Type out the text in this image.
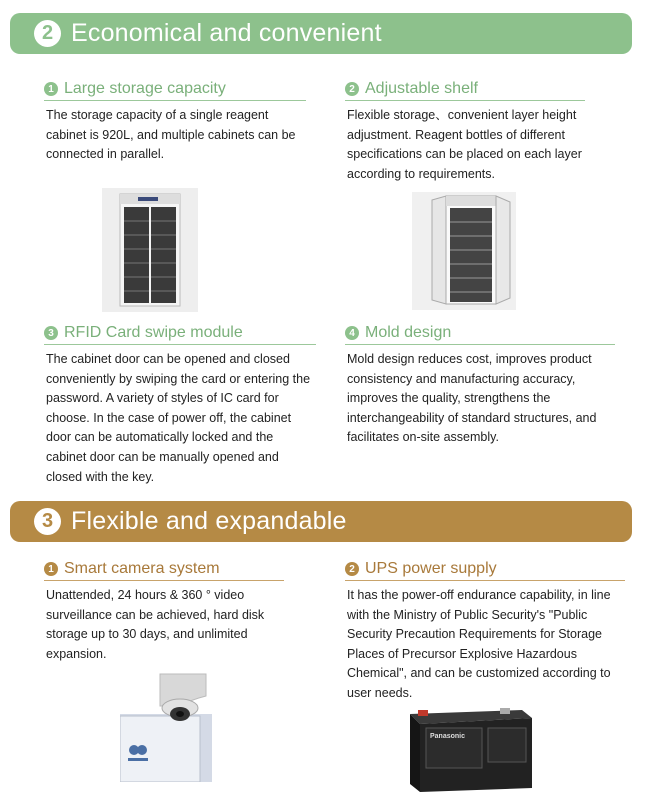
2 Economical and convenient
1 Large storage capacity
The storage capacity of a single reagent cabinet is 920L, and multiple cabinets can be connected in parallel.
2 Adjustable shelf
Flexible storage、convenient layer height adjustment. Reagent bottles of different specifications can be placed on each layer according to requirements.
3 RFID Card swipe module
The cabinet door can be opened and closed conveniently by swiping the card or entering the password. A variety of styles of IC card for choose. In the case of power off, the cabinet door can be automatically locked and the cabinet door can be manually opened and closed with the key.
4 Mold design
Mold design reduces cost, improves product consistency and manufacturing accuracy, improves the quality, strengthens the interchangeability of standard structures, and facilitates on-site assembly.
3 Flexible and expandable
1 Smart camera system
Unattended, 24 hours & 360 ° video surveillance can be achieved, hard disk storage up to 30 days, and unlimited expansion.
2 UPS power supply
It has the power-off endurance capability, in line with the Ministry of Public Security's "Public Security Precaution Requirements for Storage Places of Precursor Explosive Hazardous Chemical", and can be customized according to user needs.
Panasonic
